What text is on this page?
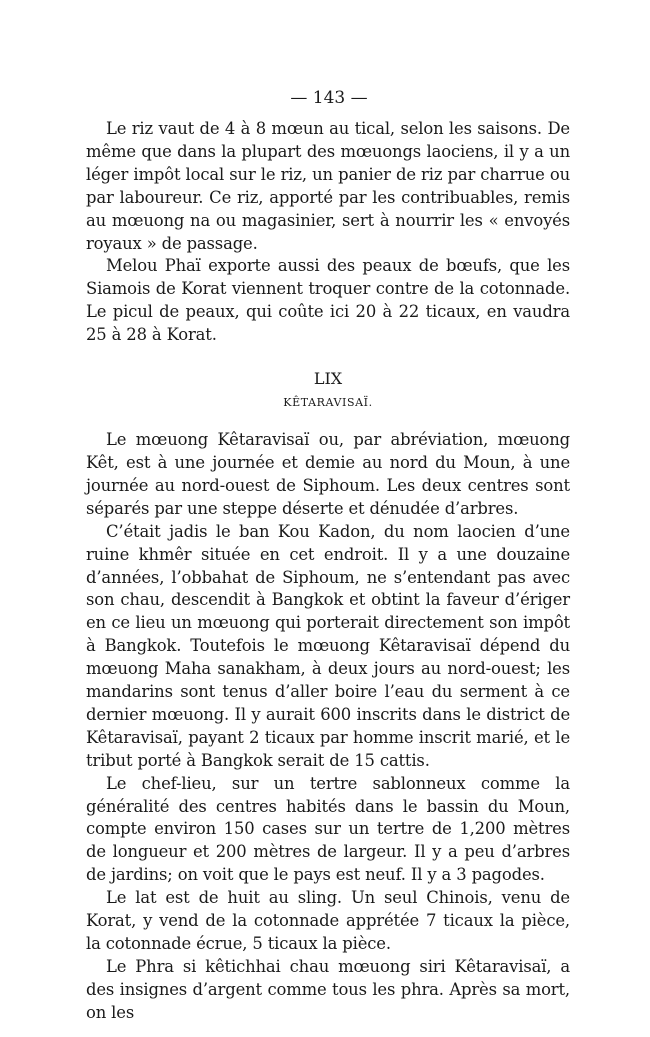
— 143 —

Le riz vaut de 4 à 8 mœun au tical, selon les saisons. De même que dans la plupart des mœuongs laociens, il y a un léger impôt local sur le riz, un panier de riz par charrue ou par laboureur. Ce riz, apporté par les contribuables, remis au mœuong na ou magasinier, sert à nourrir les « envoyés royaux » de passage.

Melou Phaï exporte aussi des peaux de bœufs, que les Siamois de Korat viennent troquer contre de la cotonnade. Le picul de peaux, qui coûte ici 20 à 22 ticaux, en vaudra 25 à 28 à Korat.

LIX
KÊTARAVISAÏ.

Le mœuong Kêtaravisaï ou, par abréviation, mœuong Kêt, est à une journée et demie au nord du Moun, à une journée au nord-ouest de Siphoum. Les deux centres sont séparés par une steppe déserte et dénudée d’arbres.

C’était jadis le ban Kou Kadon, du nom laocien d’une ruine khmêr située en cet endroit. Il y a une douzaine d’années, l’obbahat de Siphoum, ne s’entendant pas avec son chau, descendit à Bangkok et obtint la faveur d’ériger en ce lieu un mœuong qui porterait directement son impôt à Bangkok. Toutefois le mœuong Kêtaravisaï dépend du mœuong Maha sanakham, à deux jours au nord-ouest; les mandarins sont tenus d’aller boire l’eau du serment à ce dernier mœuong. Il y aurait 600 inscrits dans le district de Kêtaravisaï, payant 2 ticaux par homme inscrit marié, et le tribut porté à Bangkok serait de 15 cattis.

Le chef-lieu, sur un tertre sablonneux comme la généralité des centres habités dans le bassin du Moun, compte environ 150 cases sur un tertre de 1,200 mètres de longueur et 200 mètres de largeur. Il y a peu d’arbres de jardins; on voit que le pays est neuf. Il y a 3 pagodes.

Le lat est de huit au sling. Un seul Chinois, venu de Korat, y vend de la cotonnade apprétée 7 ticaux la pièce, la cotonnade écrue, 5 ticaux la pièce.

Le Phra si kêtichhai chau mœuong siri Kêtaravisaï, a des insignes d’argent comme tous les phra. Après sa mort, on les
